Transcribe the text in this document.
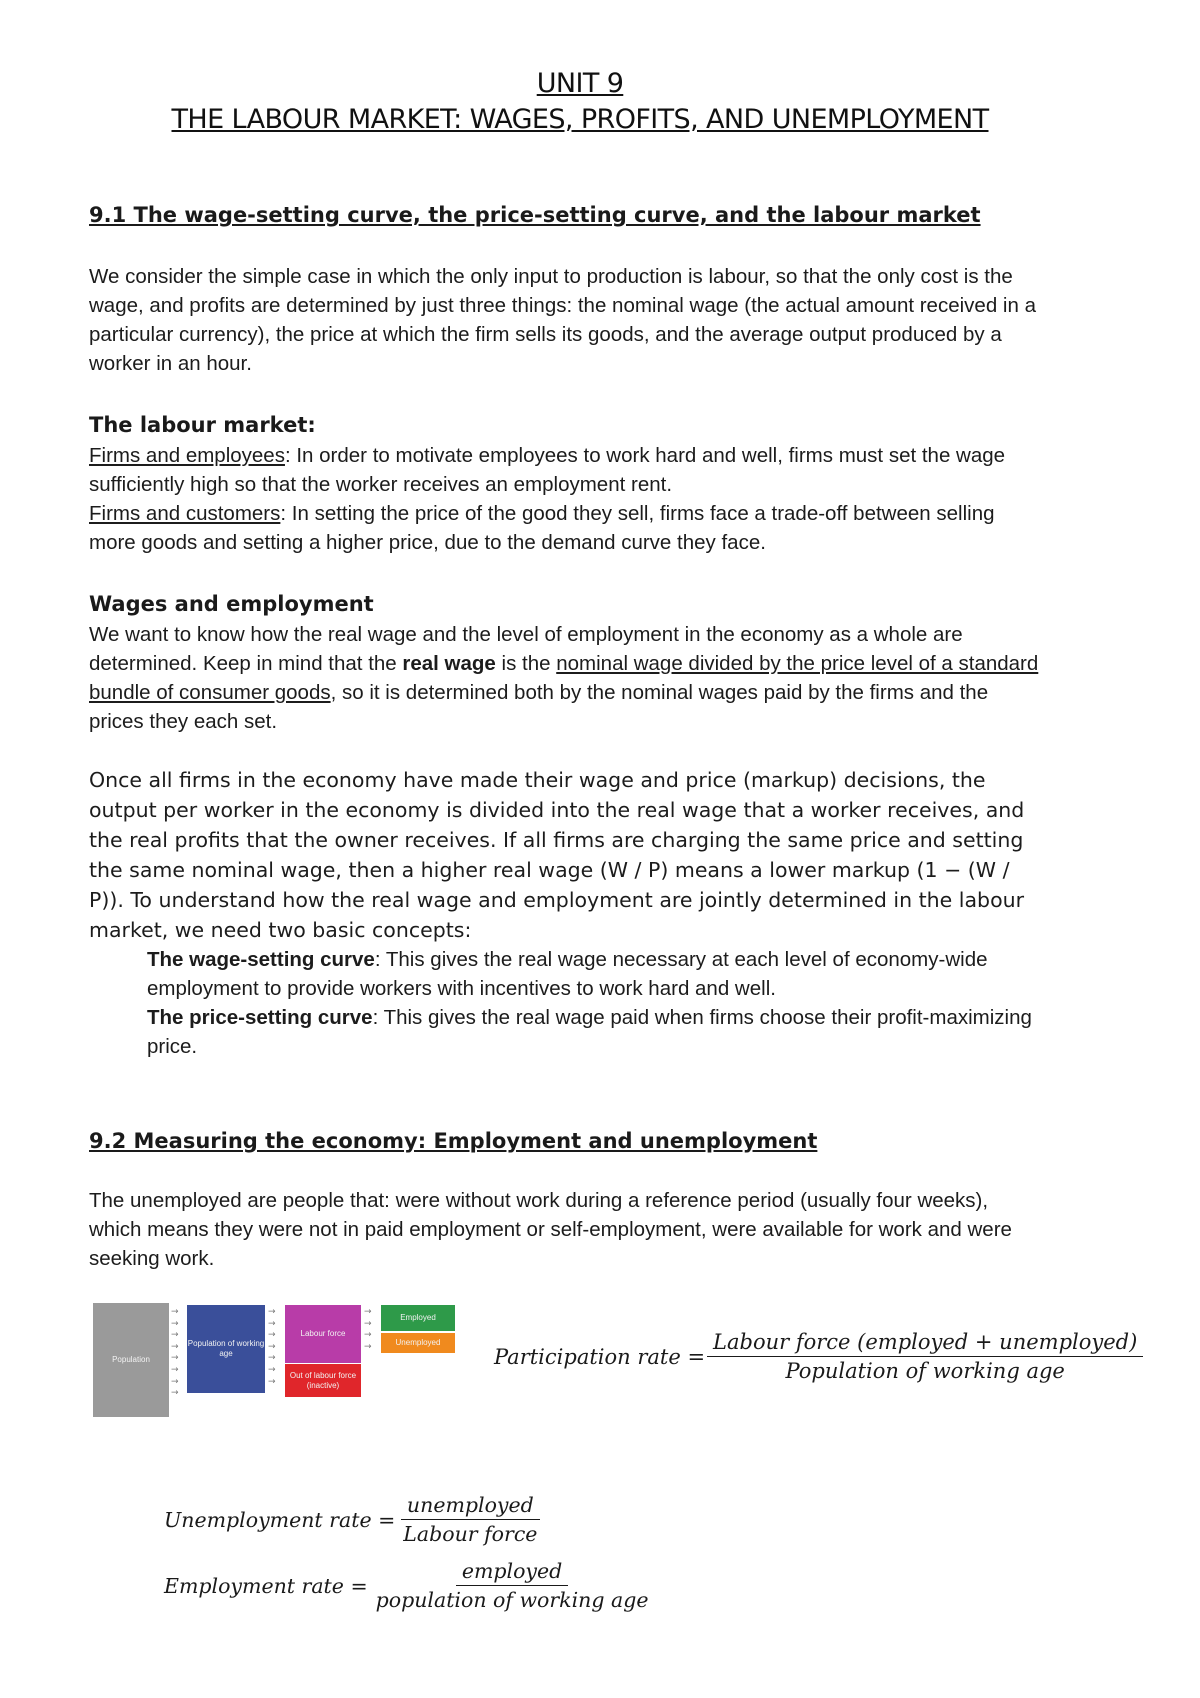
UNIT 9
THE LABOUR MARKET: WAGES, PROFITS, AND UNEMPLOYMENT
9.1 The wage-setting curve, the price-setting curve, and the labour market
We consider the simple case in which the only input to production is labour, so that the only cost is the
wage, and profits are determined by just three things: the nominal wage (the actual amount received in a
particular currency), the price at which the firm sells its goods, and the average output produced by a
worker in an hour.
The labour market:
Firms and employees: In order to motivate employees to work hard and well, firms must set the wage
sufficiently high so that the worker receives an employment rent.
Firms and customers: In setting the price of the good they sell, firms face a trade-off between selling
more goods and setting a higher price, due to the demand curve they face.
Wages and employment
We want to know how the real wage and the level of employment in the economy as a whole are
determined. Keep in mind that the real wage is the nominal wage divided by the price level of a standard
bundle of consumer goods, so it is determined both by the nominal wages paid by the firms and the
prices they each set.
Once all firms in the economy have made their wage and price (markup) decisions, the
output per worker in the economy is divided into the real wage that a worker receives, and
the real profits that the owner receives. If all firms are charging the same price and setting
the same nominal wage, then a higher real wage (W / P) means a lower markup (1 − (W /
P)). To understand how the real wage and employment are jointly determined in the labour
market, we need two basic concepts:
The wage-setting curve: This gives the real wage necessary at each level of economy-wide
employment to provide workers with incentives to work hard and well.
The price-setting curve: This gives the real wage paid when firms choose their profit-maximizing
price.
9.2 Measuring the economy: Employment and unemployment
The unemployed are people that: were without work during a reference period (usually four weeks),
which means they were not in paid employment or self-employment, were available for work and were
seeking work.
Population
→
→
→
→
→
→
→
→
Population of working age
→
→
→
→
→
→
→
Labour force
Out of labour force (inactive)
→
→
→
→
Employed
Unemployed
Participation rate = $\frac{\text{Labour force (employed + unemployed)}}{\text{Population of working age}}$
Unemployment rate = $\frac{\text{unemployed}}{\text{Labour force}}$
Employment rate = $\frac{\text{employed}}{\text{population of working age}}$
